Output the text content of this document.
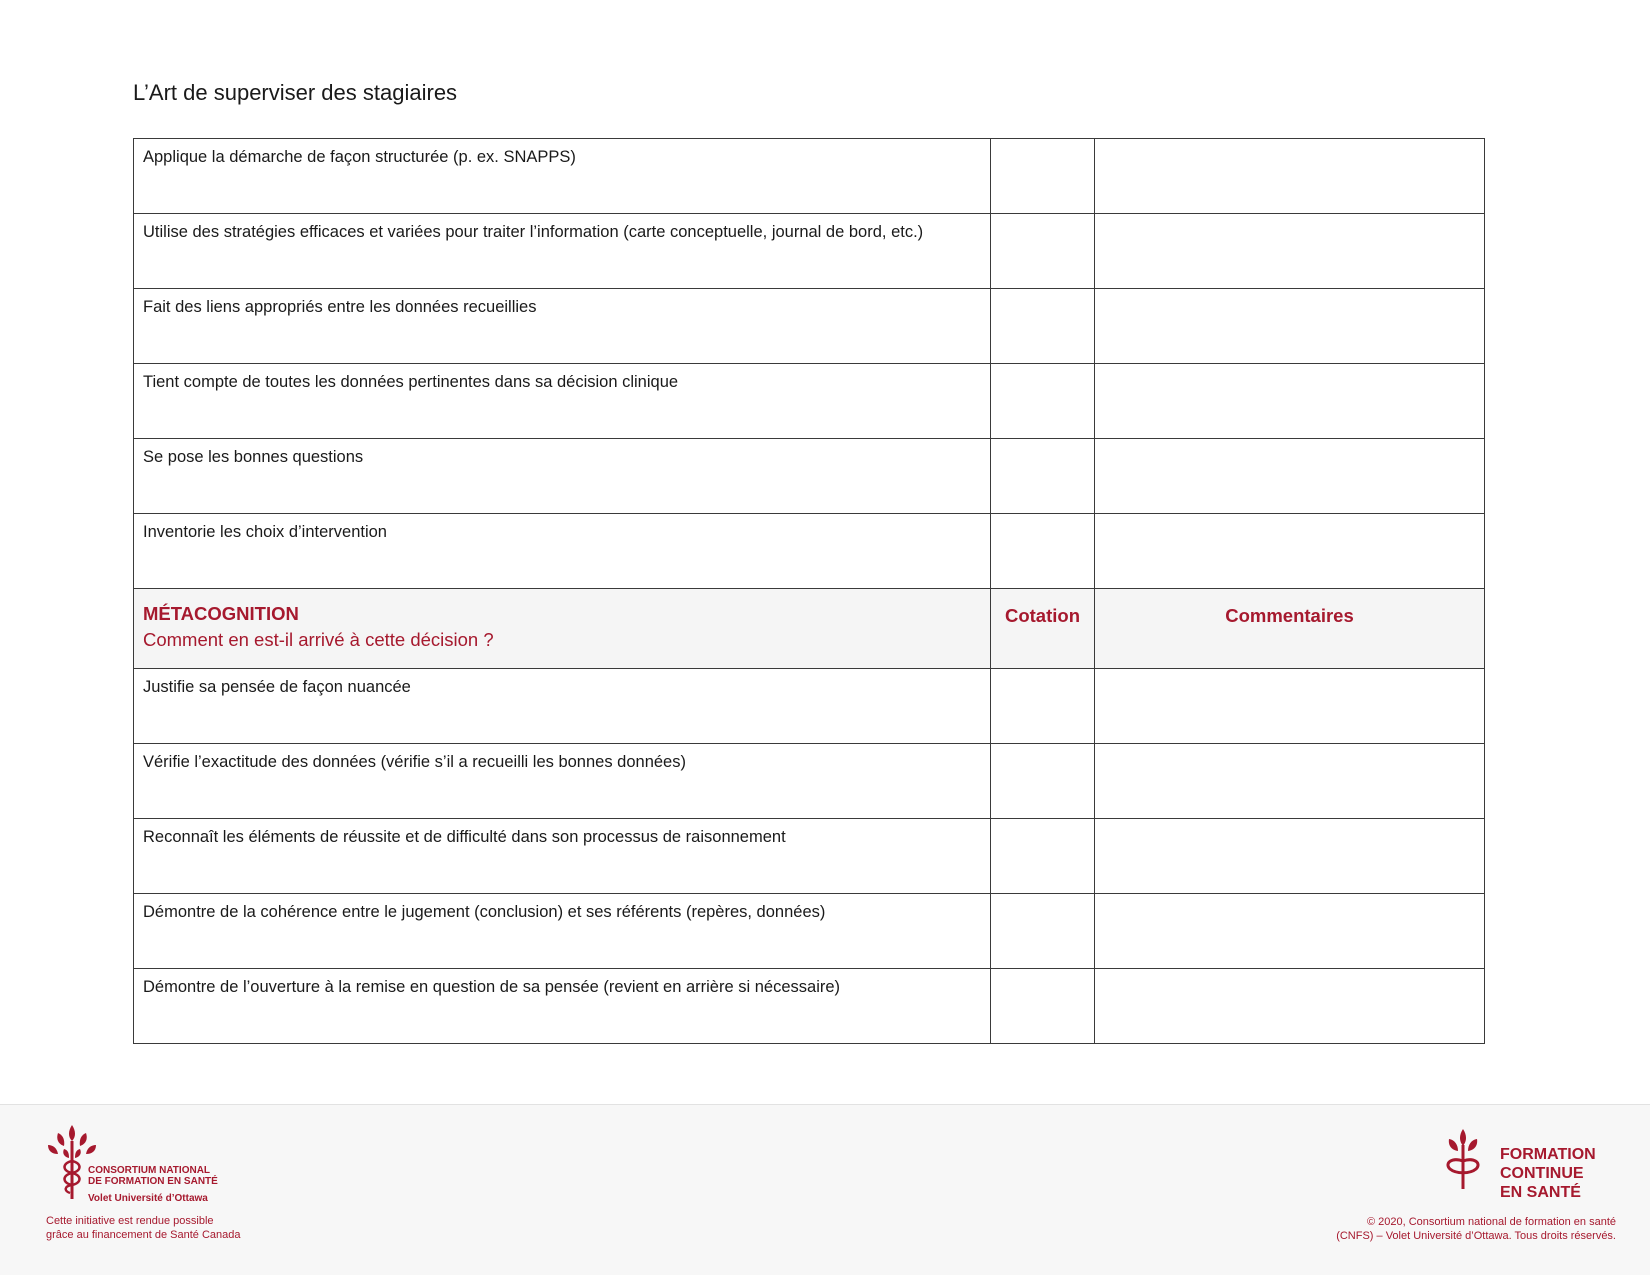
L’Art de superviser des stagiaires
Applique la démarche de façon structurée (p. ex. SNAPPS)		
Utilise des stratégies efficaces et variées pour traiter l’information (carte conceptuelle, journal de bord, etc.)		
Fait des liens appropriés entre les données recueillies		
Tient compte de toutes les données pertinentes dans sa décision clinique		
Se pose les bonnes questions		
Inventorie les choix d’intervention		

MÉTACOGNITION
Comment en est-il arrivé à cette décision ?	Cotation	Commentaires
Justifie sa pensée de façon nuancée		
Vérifie l’exactitude des données (vérifie s’il a recueilli les bonnes données)		
Reconnaît les éléments de réussite et de difficulté dans son processus de raisonnement		
Démontre de la cohérence entre le jugement (conclusion) et ses référents (repères, données)		
Démontre de l’ouverture à la remise en question de sa pensée (revient en arrière si nécessaire)		
CONSORTIUM NATIONAL
DE FORMATION EN SANTÉ
Volet Université d’Ottawa
Cette initiative est rendue possible
grâce au financement de Santé Canada
FORMATION
CONTINUE
EN SANTÉ
© 2020, Consortium national de formation en santé
(CNFS) – Volet Université d’Ottawa. Tous droits réservés.
